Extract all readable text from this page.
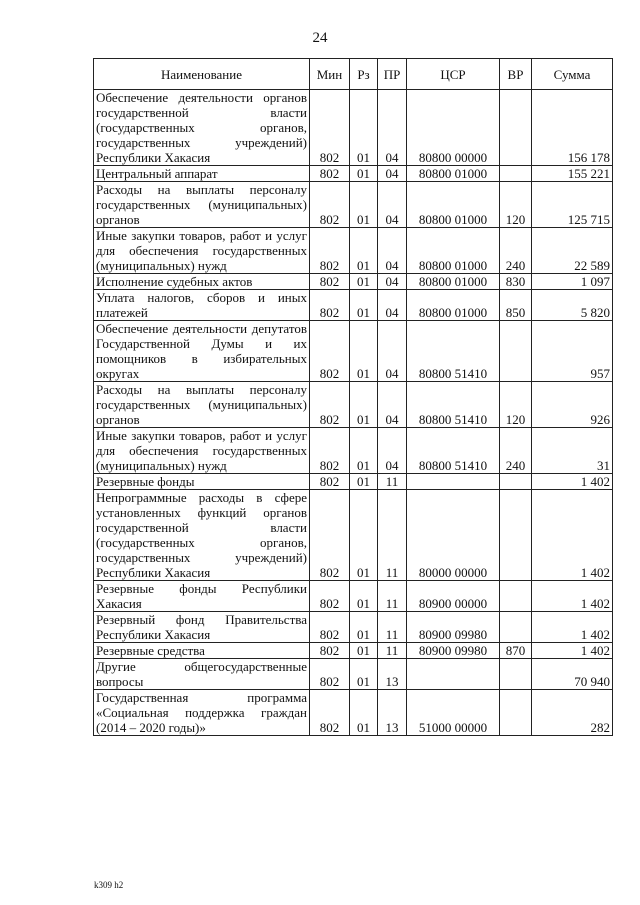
24
Наименование	Мин	Рз	ПР	ЦСР	ВР	Сумма
Обеспечение деятельности органов государственной власти (государственных органов, государственных учреждений) Республики Хакасия	802	01	04	80800 00000		156 178
Центральный аппарат	802	01	04	80800 01000		155 221
Расходы на выплаты персоналу государственных (муниципальных) органов	802	01	04	80800 01000	120	125 715
Иные закупки товаров, работ и услуг для обеспечения государственных (муниципальных) нужд	802	01	04	80800 01000	240	22 589
Исполнение судебных актов	802	01	04	80800 01000	830	1 097
Уплата налогов, сборов и иных платежей	802	01	04	80800 01000	850	5 820
Обеспечение деятельности депутатов Государственной Думы и их помощников в избирательных округах	802	01	04	80800 51410		957
Расходы на выплаты персоналу государственных (муниципальных) органов	802	01	04	80800 51410	120	926
Иные закупки товаров, работ и услуг для обеспечения государственных (муниципальных) нужд	802	01	04	80800 51410	240	31
Резервные фонды	802	01	11			1 402
Непрограммные расходы в сфере установленных функций органов государственной власти (государственных органов, государственных учреждений) Республики Хакасия	802	01	11	80000 00000		1 402
Резервные фонды Республики Хакасия	802	01	11	80900 00000		1 402
Резервный фонд Правительства Республики Хакасия	802	01	11	80900 09980		1 402
Резервные средства	802	01	11	80900 09980	870	1 402
Другие общегосударственные вопросы	802	01	13			70 940
Государственная программа «Социальная поддержка граждан (2014 – 2020 годы)»	802	01	13	51000 00000		282
k309 h2
